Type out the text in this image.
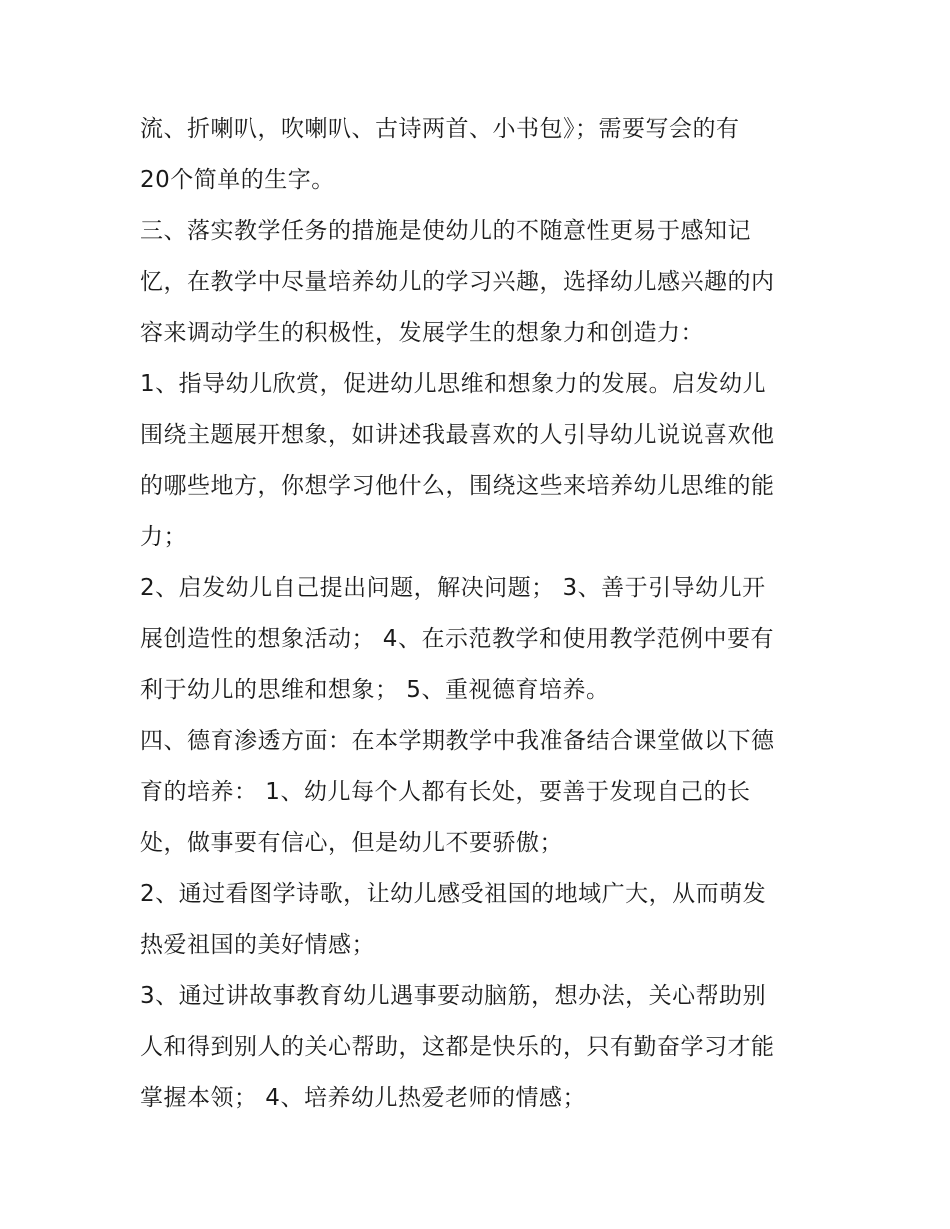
流、折喇叭，吹喇叭、古诗两首、小书包》；需要写会的有
20个简单的生字。
三、落实教学任务的措施是使幼儿的不随意性更易于感知记
忆，在教学中尽量培养幼儿的学习兴趣，选择幼儿感兴趣的内
容来调动学生的积极性，发展学生的想象力和创造力：
1、指导幼儿欣赏，促进幼儿思维和想象力的发展。启发幼儿
围绕主题展开想象，如讲述我最喜欢的人引导幼儿说说喜欢他
的哪些地方，你想学习他什么，围绕这些来培养幼儿思维的能
力；
2、启发幼儿自己提出问题，解决问题； 3、善于引导幼儿开
展创造性的想象活动； 4、在示范教学和使用教学范例中要有
利于幼儿的思维和想象； 5、重视德育培养。
四、德育渗透方面：在本学期教学中我准备结合课堂做以下德
育的培养： 1、幼儿每个人都有长处，要善于发现自己的长
处，做事要有信心，但是幼儿不要骄傲；
2、通过看图学诗歌，让幼儿感受祖国的地域广大，从而萌发
热爱祖国的美好情感；
3、通过讲故事教育幼儿遇事要动脑筋，想办法，关心帮助别
人和得到别人的关心帮助，这都是快乐的，只有勤奋学习才能
掌握本领； 4、培养幼儿热爱老师的情感；
